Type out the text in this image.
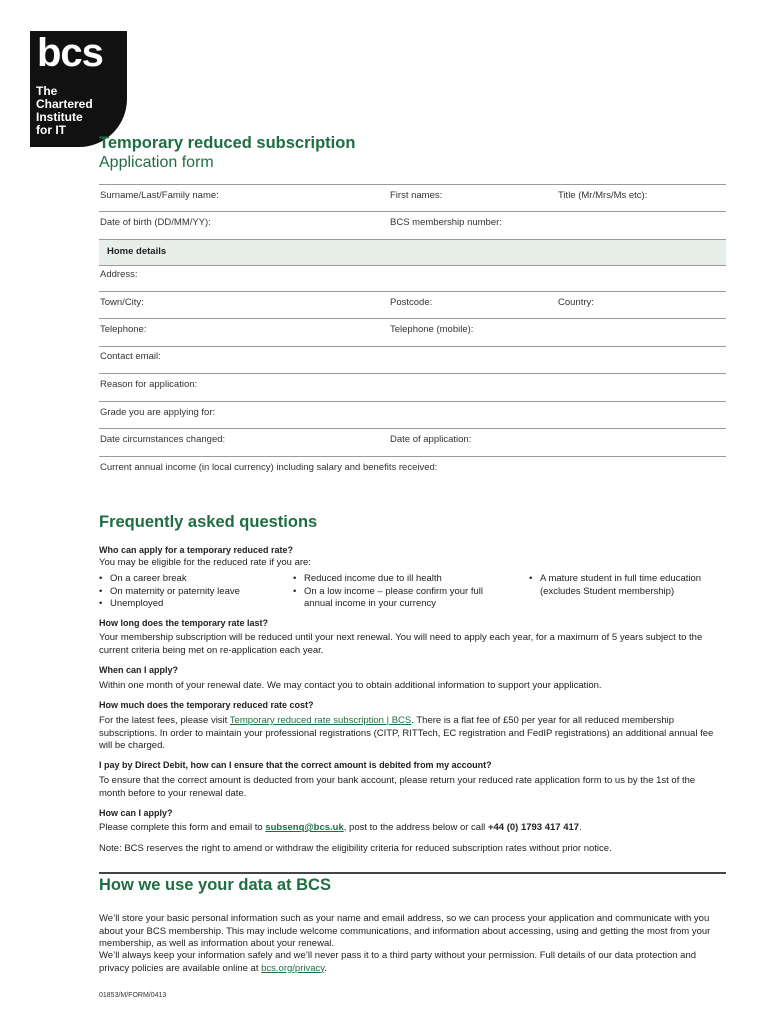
bcs
The
Chartered
Institute
for IT
Temporary reduced subscription
Application form
Surname/Last/Family name:	First names:	Title (Mr/Mrs/Ms etc):
Date of birth (DD/MM/YY):	BCS membership number:
Home details
Address:
Town/City:	Postcode:	Country:
Telephone:	Telephone (mobile):
Contact email:
Reason for application:
Grade you are applying for:
Date circumstances changed:	Date of application:
Current annual income (in local currency) including salary and benefits received:
Frequently asked questions
Who can apply for a temporary reduced rate?
You may be eligible for the reduced rate if you are:
• On a career break
• On maternity or paternity leave
• Unemployed
• Reduced income due to ill health
• On a low income – please confirm your full annual income in your currency
• A mature student in full time education (excludes Student membership)
How long does the temporary rate last?
Your membership subscription will be reduced until your next renewal. You will need to apply each year, for a maximum of 5 years subject to the current criteria being met on re-application each year.
When can I apply?
Within one month of your renewal date. We may contact you to obtain additional information to support your application.
How much does the temporary reduced rate cost?
For the latest fees, please visit Temporary reduced rate subscription | BCS. There is a flat fee of £50 per year for all reduced membership subscriptions. In order to maintain your professional registrations (CITP, RITTech, EC registration and FedIP registrations) an additional annual fee will be charged.
I pay by Direct Debit, how can I ensure that the correct amount is debited from my account?
To ensure that the correct amount is deducted from your bank account, please return your reduced rate application form to us by the 1st of the month before to your renewal date.
How can I apply?
Please complete this form and email to subsenq@bcs.uk, post to the address below or call +44 (0) 1793 417 417.
Note: BCS reserves the right to amend or withdraw the eligibility criteria for reduced subscription rates without prior notice.
How we use your data at BCS
We’ll store your basic personal information such as your name and email address, so we can process your application and communicate with you about your BCS membership. This may include welcome communications, and information about accessing, using and getting the most from your membership, as well as information about your renewal.
We’ll always keep your information safely and we’ll never pass it to a third party without your permission. Full details of our data protection and privacy policies are available online at bcs.org/privacy.
01853/M/FORM/0413
